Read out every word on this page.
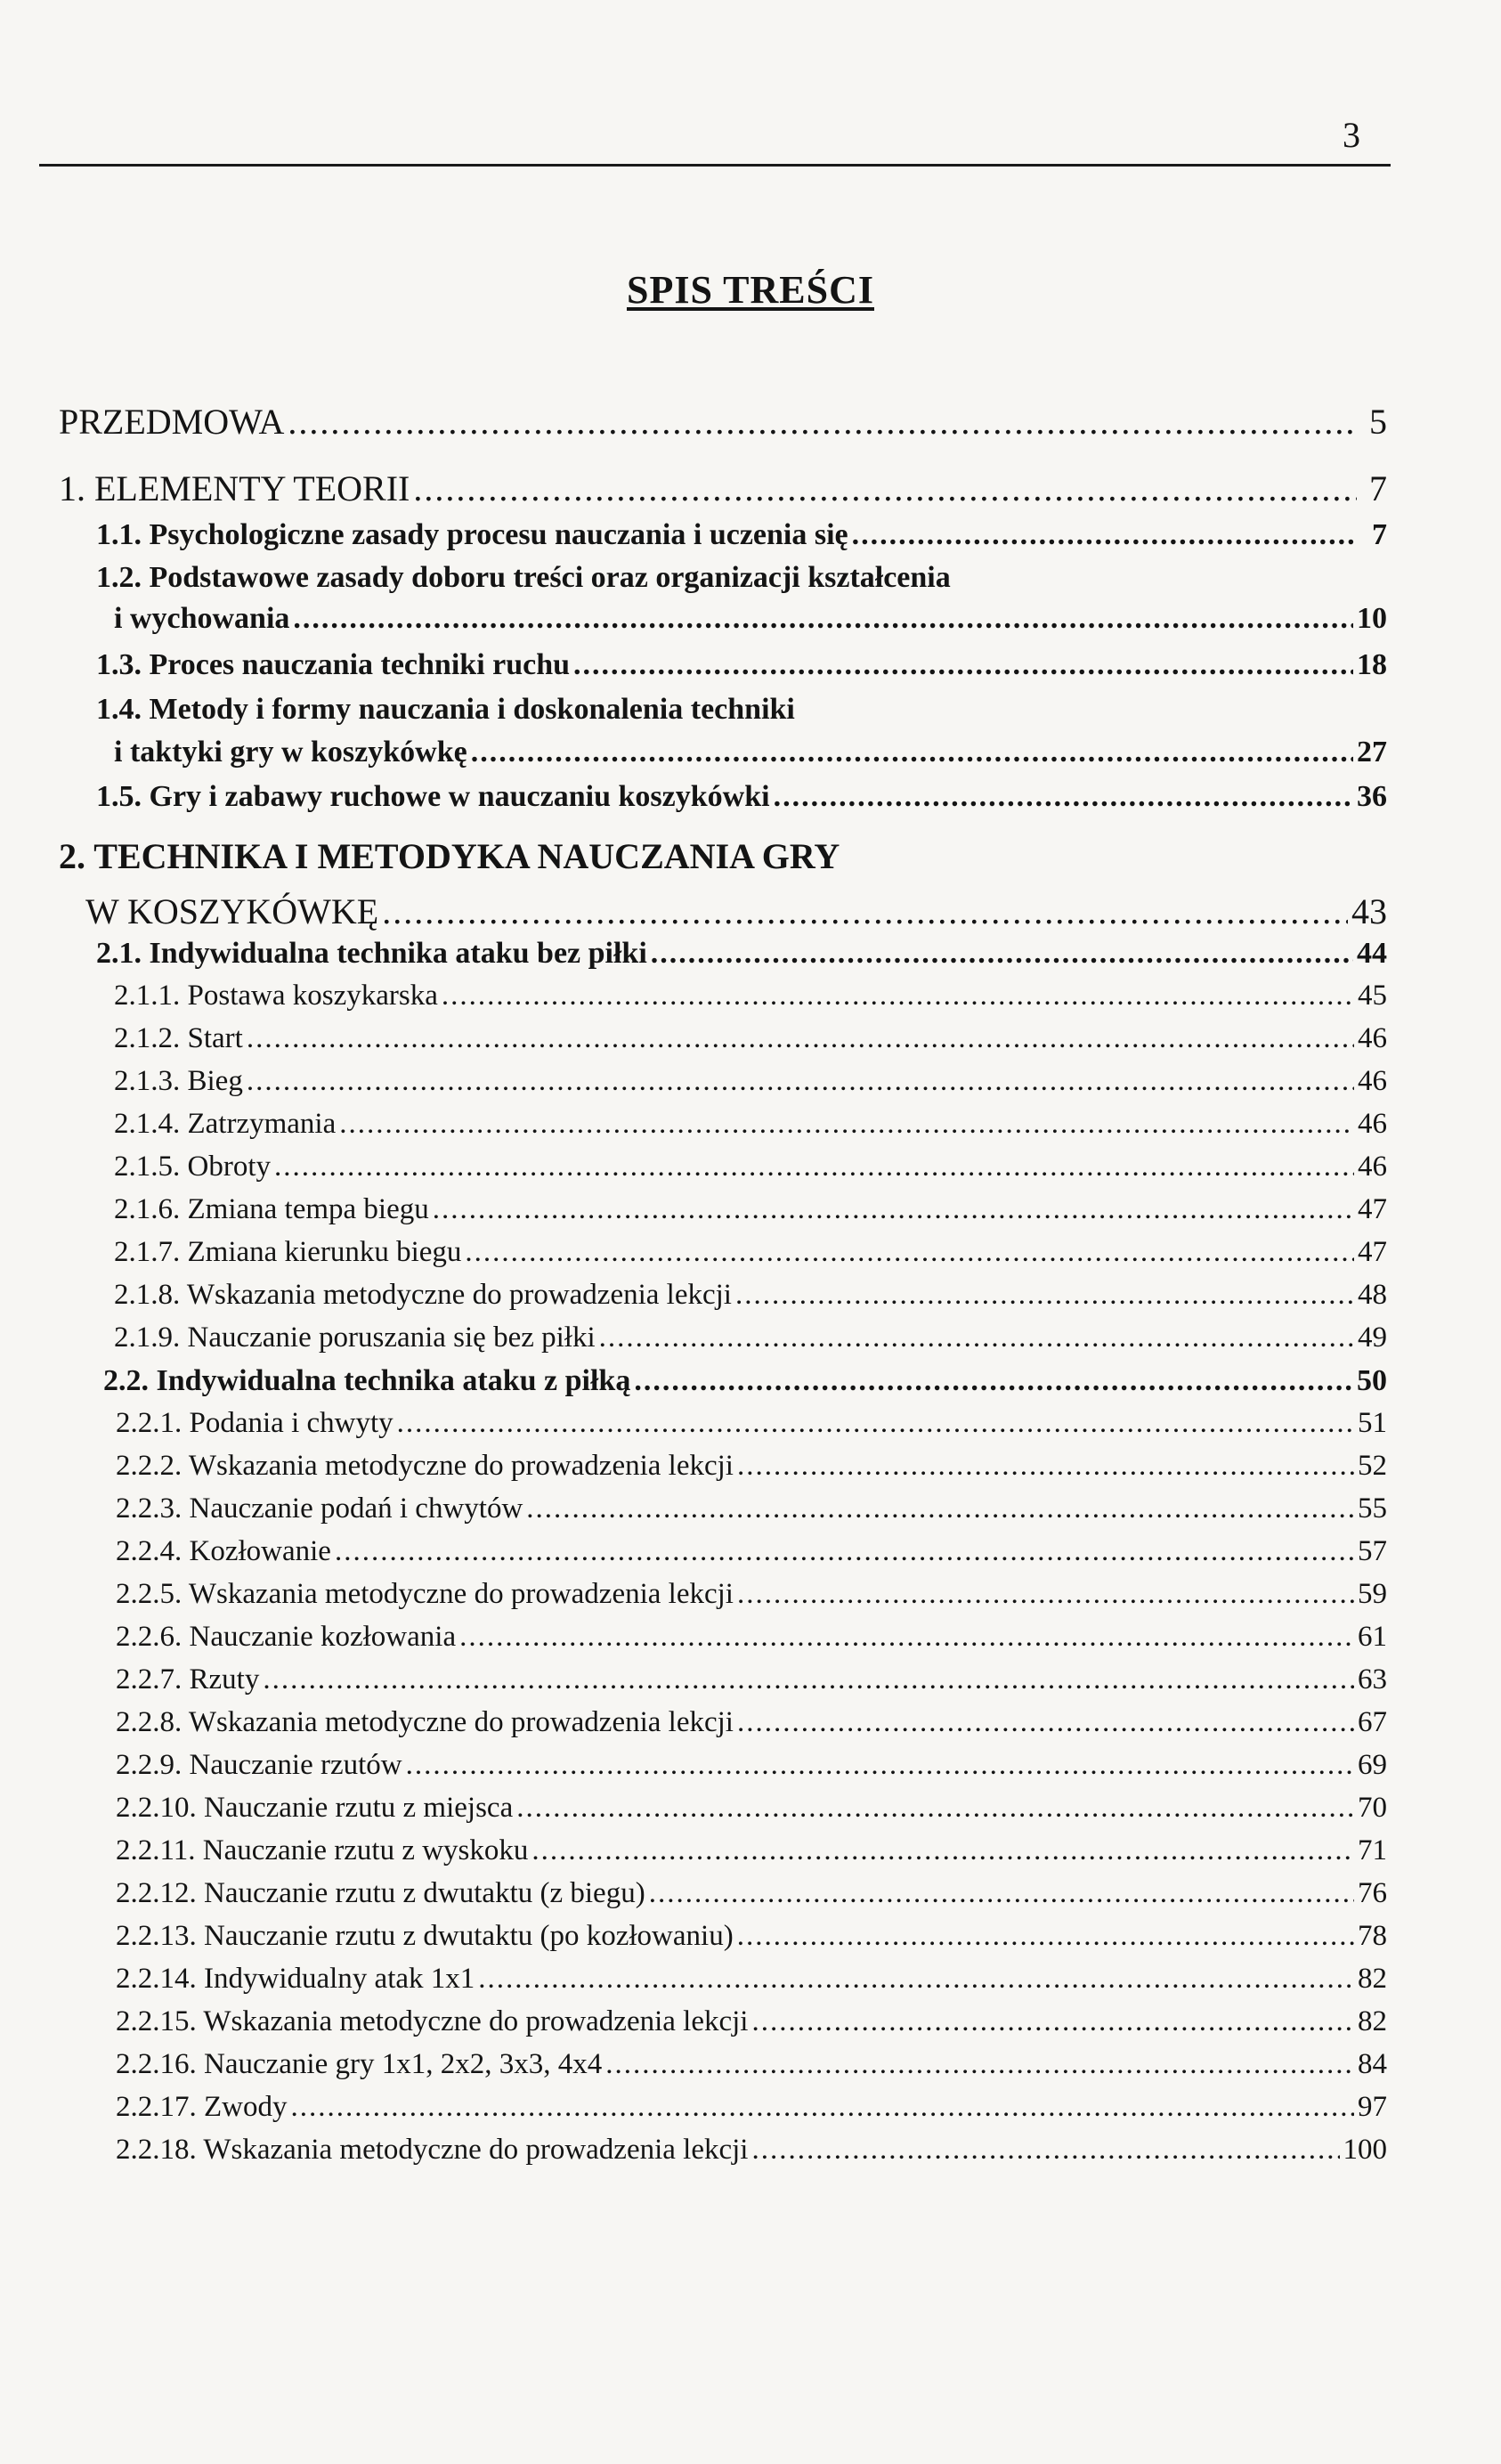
3
SPIS TREŚCI
PRZEDMOWA .....	5
1. ELEMENTY TEORII .....	7
1.1. Psychologiczne zasady procesu nauczania i uczenia się .....	7
1.2. Podstawowe zasady doboru treści oraz organizacji kształcenia
i wychowania .....	10
1.3. Proces nauczania techniki ruchu .....	18
1.4. Metody i formy nauczania i doskonalenia techniki
i taktyki gry w koszykówkę .....	27
1.5. Gry i zabawy ruchowe w nauczaniu koszykówki .....	36
2. TECHNIKA I METODYKA NAUCZANIA GRY
W KOSZYKÓWKĘ .....	43
2.1. Indywidualna technika ataku bez piłki .....	44
2.1.1. Postawa koszykarska .....	45
2.1.2. Start .....	46
2.1.3. Bieg .....	46
2.1.4. Zatrzymania .....	46
2.1.5. Obroty .....	46
2.1.6. Zmiana tempa biegu .....	47
2.1.7. Zmiana kierunku biegu .....	47
2.1.8. Wskazania metodyczne do prowadzenia lekcji .....	48
2.1.9. Nauczanie poruszania się bez piłki .....	49
2.2. Indywidualna technika ataku z piłką .....	50
2.2.1. Podania i chwyty .....	51
2.2.2. Wskazania metodyczne do prowadzenia lekcji .....	52
2.2.3. Nauczanie podań i chwytów .....	55
2.2.4. Kozłowanie .....	57
2.2.5. Wskazania metodyczne do prowadzenia lekcji .....	59
2.2.6. Nauczanie kozłowania .....	61
2.2.7. Rzuty .....	63
2.2.8. Wskazania metodyczne do prowadzenia lekcji .....	67
2.2.9. Nauczanie rzutów .....	69
2.2.10. Nauczanie rzutu z miejsca .....	70
2.2.11. Nauczanie rzutu z wyskoku .....	71
2.2.12. Nauczanie rzutu z dwutaktu (z biegu) .....	76
2.2.13. Nauczanie rzutu z dwutaktu (po kozłowaniu) .....	78
2.2.14. Indywidualny atak 1x1 .....	82
2.2.15. Wskazania metodyczne do prowadzenia lekcji .....	82
2.2.16. Nauczanie gry 1x1, 2x2, 3x3, 4x4 .....	84
2.2.17. Zwody .....	97
2.2.18. Wskazania metodyczne do prowadzenia lekcji .....	100
